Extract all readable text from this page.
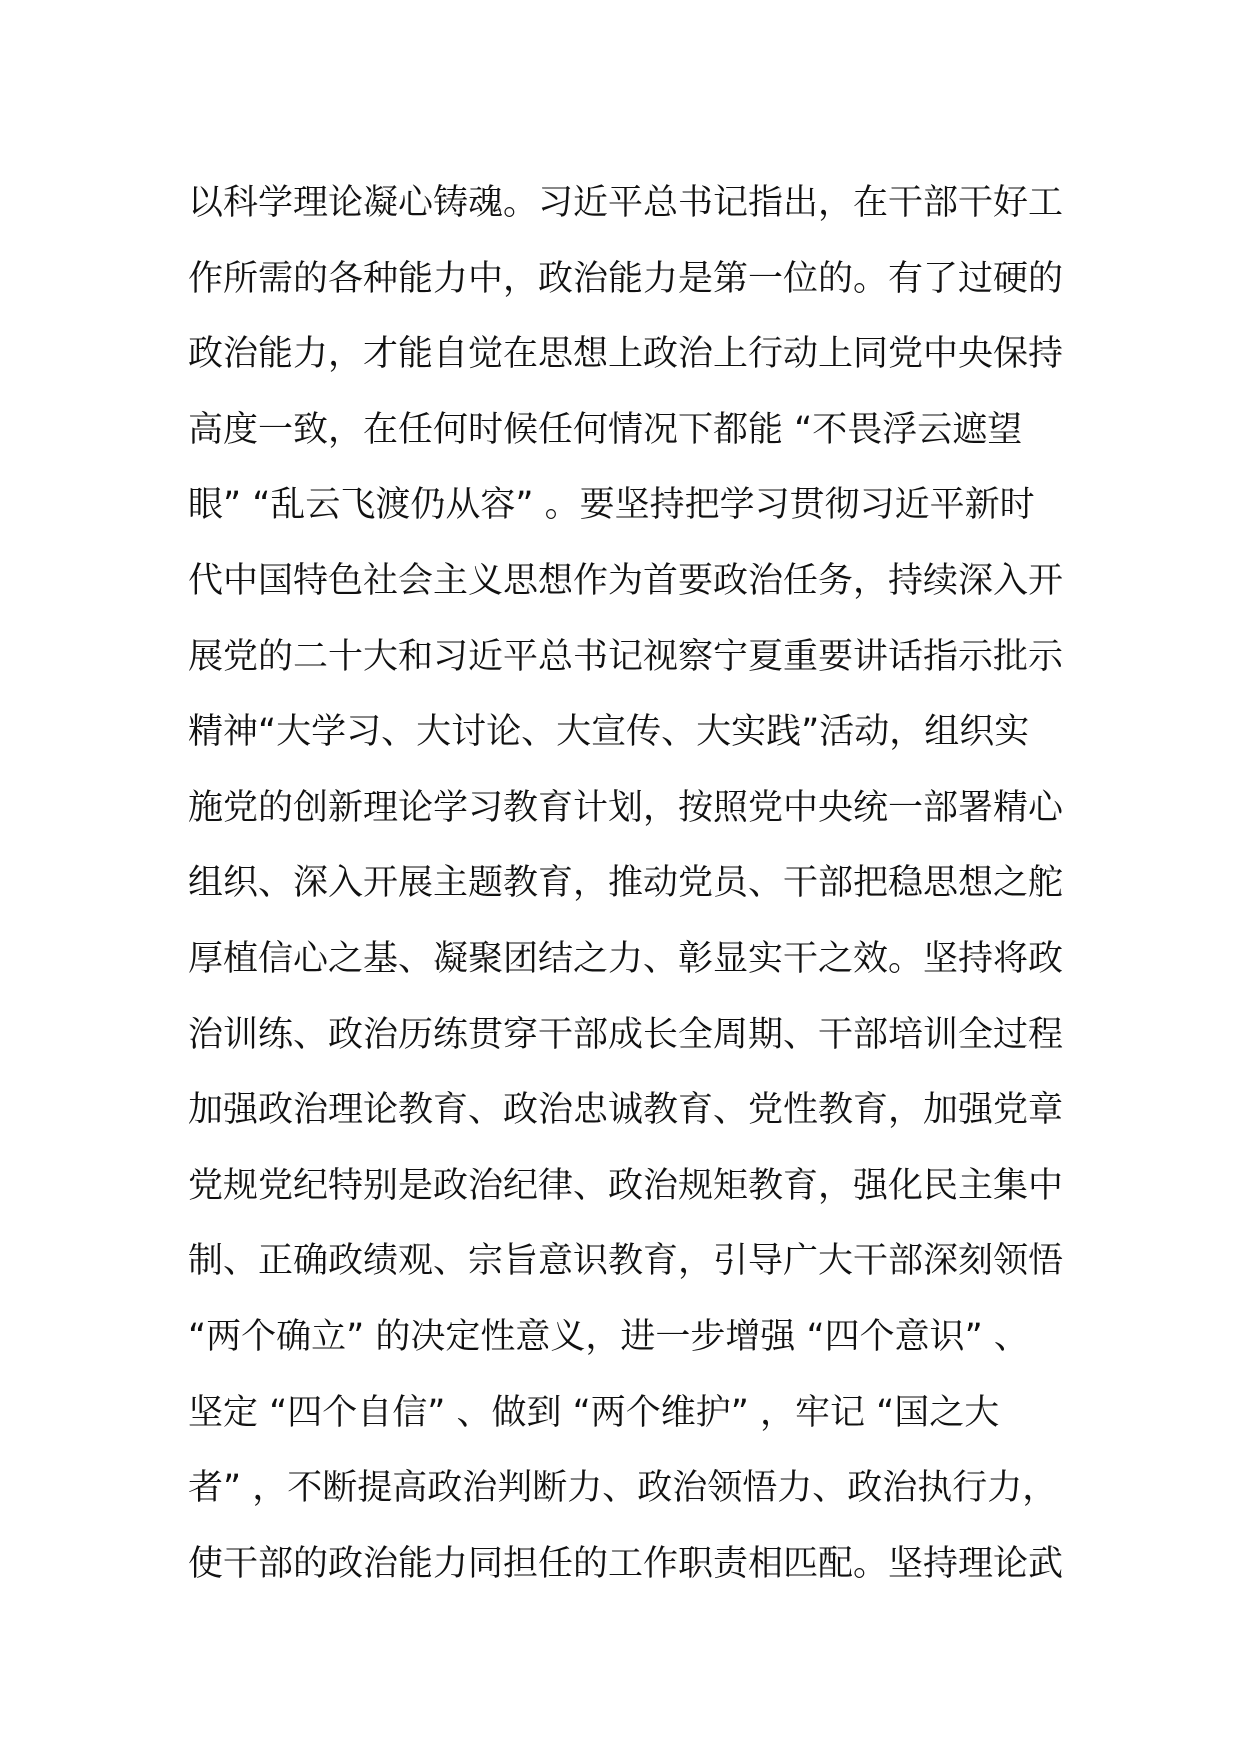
以科学理论凝心铸魂。习近平总书记指出，在干部干好工
作所需的各种能力中，政治能力是第一位的。有了过硬的
政治能力，才能自觉在思想上政治上行动上同党中央保持
高度一致，在任何时候任何情况下都能 “不畏浮云遮望
眼” “乱云飞渡仍从容” 。要坚持把学习贯彻习近平新时
代中国特色社会主义思想作为首要政治任务，持续深入开
展党的二十大和习近平总书记视察宁夏重要讲话指示批示
精神“大学习、大讨论、大宣传、大实践”活动，组织实
施党的创新理论学习教育计划，按照党中央统一部署精心
组织、深入开展主题教育，推动党员、干部把稳思想之舵
厚植信心之基、凝聚团结之力、彰显实干之效。坚持将政
治训练、政治历练贯穿干部成长全周期、干部培训全过程
加强政治理论教育、政治忠诚教育、党性教育，加强党章
党规党纪特别是政治纪律、政治规矩教育，强化民主集中
制、正确政绩观、宗旨意识教育，引导广大干部深刻领悟
“两个确立” 的决定性意义，进一步增强 “四个意识” 、
坚定 “四个自信” 、做到 “两个维护” ，牢记 “国之大
者” ，不断提高政治判断力、政治领悟力、政治执行力，
使干部的政治能力同担任的工作职责相匹配。坚持理论武
